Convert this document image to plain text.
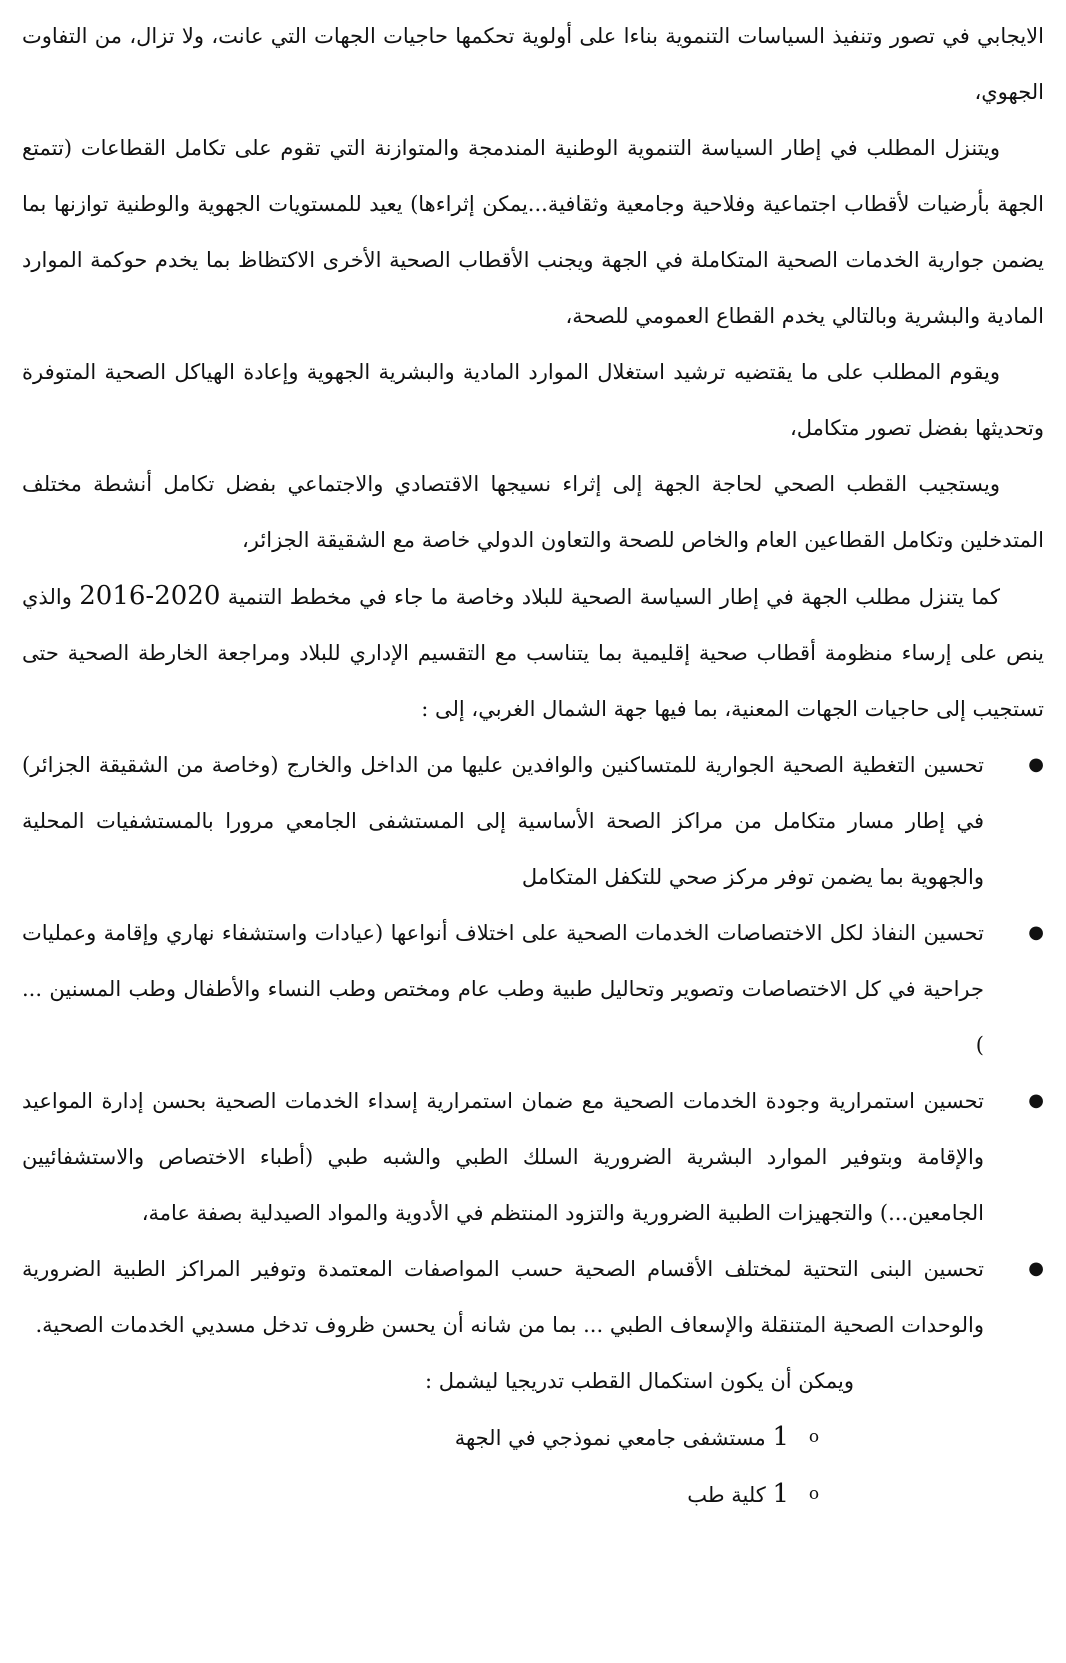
الايجابي في تصور وتنفيذ السياسات التنموية بناءا على أولوية تحكمها حاجيات الجهات التي عانت، ولا تزال، من التفاوت الجهوي،

ويتنزل المطلب في إطار السياسة التنموية الوطنية المندمجة والمتوازنة التي تقوم على تكامل القطاعات (تتمتع الجهة بأرضيات لأقطاب اجتماعية وفلاحية وجامعية وثقافية...يمكن إثراءها) يعيد للمستويات الجهوية والوطنية توازنها بما يضمن جوارية الخدمات الصحية المتكاملة في الجهة ويجنب الأقطاب الصحية الأخرى الاكتظاظ بما يخدم حوكمة الموارد المادية والبشرية وبالتالي يخدم القطاع العمومي للصحة،

ويقوم المطلب على ما يقتضيه ترشيد استغلال الموارد المادية والبشرية الجهوية وإعادة الهياكل الصحية المتوفرة وتحديثها بفضل تصور متكامل،

ويستجيب القطب الصحي لحاجة الجهة إلى إثراء نسيجها الاقتصادي والاجتماعي بفضل تكامل أنشطة مختلف المتدخلين وتكامل القطاعين العام والخاص للصحة والتعاون الدولي خاصة مع الشقيقة الجزائر،

كما يتنزل مطلب الجهة في إطار السياسة الصحية للبلاد وخاصة ما جاء في مخطط التنمية 2016-2020 والذي ينص على إرساء منظومة أقطاب صحية إقليمية بما يتناسب مع التقسيم الإداري للبلاد ومراجعة الخارطة الصحية حتى تستجيب إلى حاجيات الجهات المعنية، بما فيها جهة الشمال الغربي، إلى :

●
تحسين التغطية الصحية الجوارية للمتساكنين والوافدين عليها من الداخل والخارج (وخاصة من الشقيقة الجزائر) في إطار مسار متكامل من مراكز الصحة الأساسية إلى المستشفى الجامعي مرورا بالمستشفيات المحلية والجهوية بما يضمن توفر مركز صحي للتكفل المتكامل
●
تحسين النفاذ لكل الاختصاصات الخدمات الصحية على اختلاف أنواعها (عيادات واستشفاء نهاري وإقامة وعمليات جراحية في كل الاختصاصات وتصوير وتحاليل طبية وطب عام ومختص وطب النساء والأطفال وطب المسنين ... )
●
تحسين استمرارية وجودة الخدمات الصحية مع ضمان استمرارية إسداء الخدمات الصحية بحسن إدارة المواعيد والإقامة وبتوفير الموارد البشرية الضرورية السلك الطبي والشبه طبي (أطباء الاختصاص والاستشفائيين الجامعين...) والتجهيزات الطبية الضرورية والتزود المنتظم في الأدوية والمواد الصيدلية بصفة عامة،
●
تحسين البنى التحتية لمختلف الأقسام الصحية حسب المواصفات المعتمدة وتوفير المراكز الطبية الضرورية والوحدات الصحية المتنقلة والإسعاف الطبي ... بما من شانه أن يحسن ظروف تدخل مسديي الخدمات الصحية.

ويمكن أن يكون استكمال القطب تدريجيا ليشمل :

o
1 مستشفى جامعي نموذجي في الجهة
o
1 كلية طب
